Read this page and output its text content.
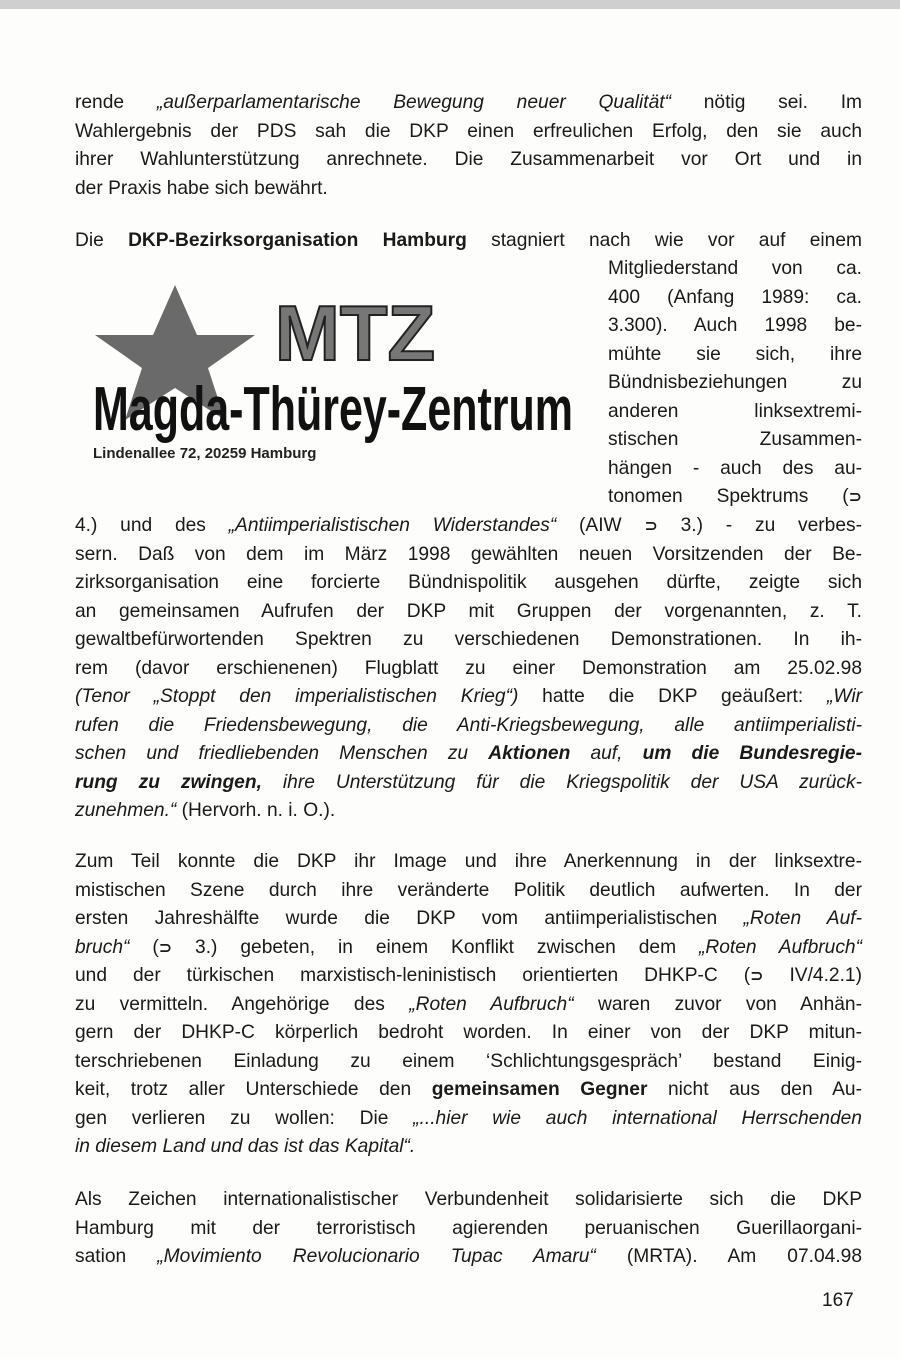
rende „außerparlamentarische Bewegung neuer Qualität“ nötig sei. Im
Wahlergebnis der PDS sah die DKP einen erfreulichen Erfolg, den sie auch
ihrer Wahlunterstützung anrechnete. Die Zusammenarbeit vor Ort und in
der Praxis habe sich bewährt.
Die DKP-Bezirksorganisation Hamburg stagniert nach wie vor auf einem
MTZ
Magda-Thüreу-Zentrum
Lindenallee 72, 20259 Hamburg
Mitgliederstand von ca.
400 (Anfang 1989: ca.
3.300). Auch 1998 be-
mühte sie sich, ihre
Bündnisbeziehungen zu
anderen linksextremi-
stischen Zusammen-
hängen - auch des au-
tonomen Spektrums (⊃
4.) und des „Antiimperialistischen Widerstandes“ (AIW ⊃ 3.) - zu verbes-
sern. Daß von dem im März 1998 gewählten neuen Vorsitzenden der Be-
zirksorganisation eine forcierte Bündnispolitik ausgehen dürfte, zeigte sich
an gemeinsamen Aufrufen der DKP mit Gruppen der vorgenannten, z. T.
gewaltbefürwortenden Spektren zu verschiedenen Demonstrationen. In ih-
rem (davor erschienenen) Flugblatt zu einer Demonstration am 25.02.98
(Tenor „Stoppt den imperialistischen Krieg“) hatte die DKP geäußert: „Wir
rufen die Friedensbewegung, die Anti-Kriegsbewegung, alle antiimperialisti-
schen und friedliebenden Menschen zu Aktionen auf, um die Bundesregie-
rung zu zwingen, ihre Unterstützung für die Kriegspolitik der USA zurück-
zunehmen.“ (Hervorh. n. i. O.).
Zum Teil konnte die DKP ihr Image und ihre Anerkennung in der linksextre-
mistischen Szene durch ihre veränderte Politik deutlich aufwerten. In der
ersten Jahreshälfte wurde die DKP vom antiimperialistischen „Roten Auf-
bruch“ (⊃ 3.) gebeten, in einem Konflikt zwischen dem „Roten Aufbruch“
und der türkischen marxistisch-leninistisch orientierten DHKP-C (⊃ IV/4.2.1)
zu vermitteln. Angehörige des „Roten Aufbruch“ waren zuvor von Anhän-
gern der DHKP-C körperlich bedroht worden. In einer von der DKP mitun-
terschriebenen Einladung zu einem ‘Schlichtungsgespräch’ bestand Einig-
keit, trotz aller Unterschiede den gemeinsamen Gegner nicht aus den Au-
gen verlieren zu wollen: Die „...hier wie auch international Herrschenden
in diesem Land und das ist das Kapital“.
Als Zeichen internationalistischer Verbundenheit solidarisierte sich die DKP
Hamburg mit der terroristisch agierenden peruanischen Guerillaorgani-
sation „Movimiento Revolucionario Tupac Amaru“ (MRTA). Am 07.04.98
167
